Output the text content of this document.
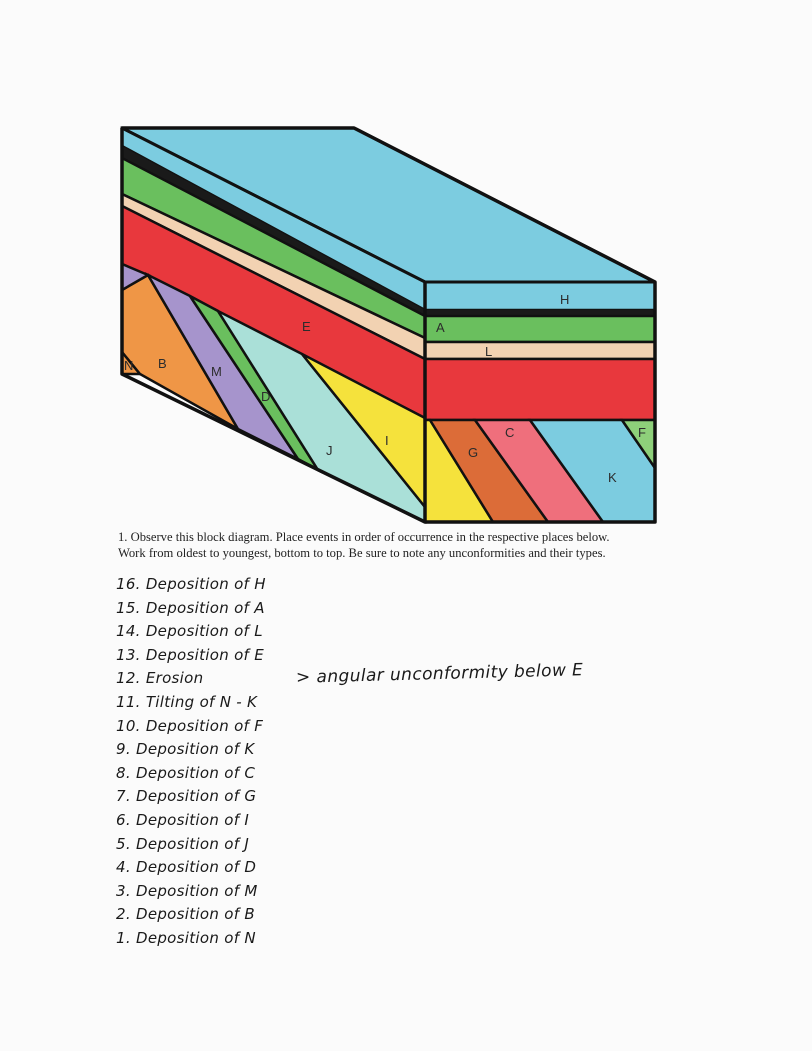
H
A
L
E
N B
M
D
J
I
G
C
K
F
1. Observe this block diagram. Place events in order of occurrence in the respective places below.
Work from oldest to youngest, bottom to top. Be sure to note any unconformities and their types.
16. Deposition of H
15. Deposition of A
14. Deposition of L
13. Deposition of E
12. Erosion
11. Tilting of N - K
10. Deposition of F
9. Deposition of K
8. Deposition of C
7. Deposition of G
6. Deposition of I
5. Deposition of J
4. Deposition of D
3. Deposition of M
2. Deposition of B
1. Deposition of N
> angular unconformity below E
